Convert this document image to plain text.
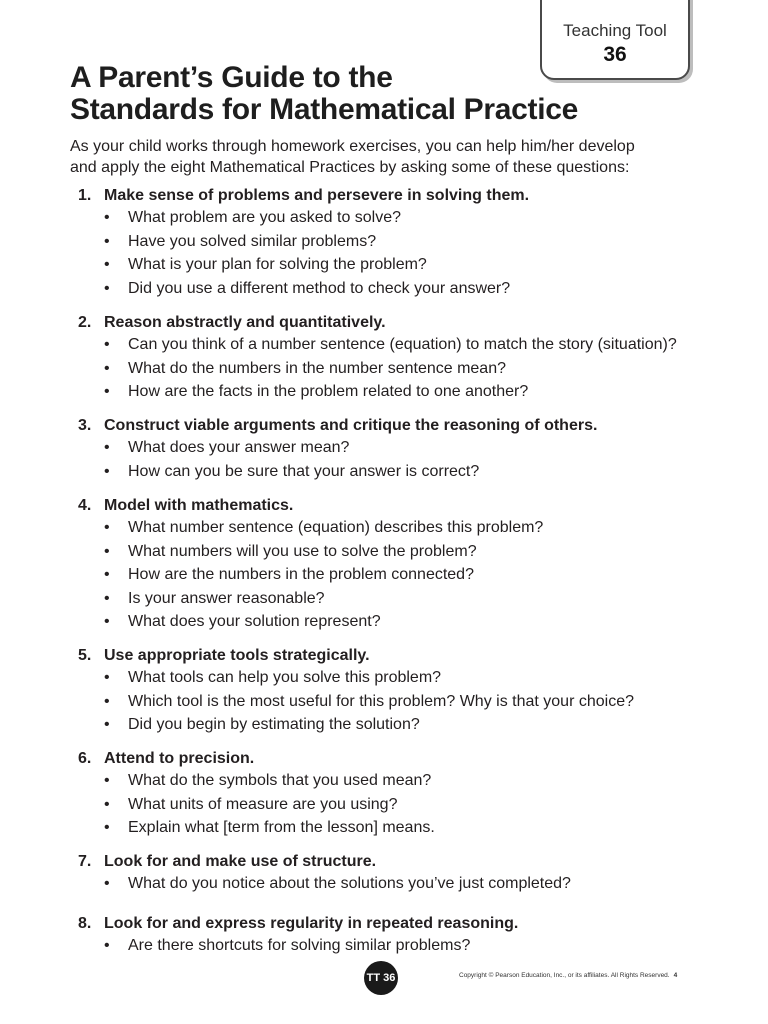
Teaching Tool
36
A Parent’s Guide to the
Standards for Mathematical Practice

As your child works through homework exercises, you can help him/her develop
and apply the eight Mathematical Practices by asking some of these questions:

1. Make sense of problems and persevere in solving them.
• What problem are you asked to solve?
• Have you solved similar problems?
• What is your plan for solving the problem?
• Did you use a different method to check your answer?
2. Reason abstractly and quantitatively.
• Can you think of a number sentence (equation) to match the story (situation)?
• What do the numbers in the number sentence mean?
• How are the facts in the problem related to one another?
3. Construct viable arguments and critique the reasoning of others.
• What does your answer mean?
• How can you be sure that your answer is correct?
4. Model with mathematics.
• What number sentence (equation) describes this problem?
• What numbers will you use to solve the problem?
• How are the numbers in the problem connected?
• Is your answer reasonable?
• What does your solution represent?
5. Use appropriate tools strategically.
• What tools can help you solve this problem?
• Which tool is the most useful for this problem? Why is that your choice?
• Did you begin by estimating the solution?
6. Attend to precision.
• What do the symbols that you used mean?
• What units of measure are you using?
• Explain what [term from the lesson] means.
7. Look for and make use of structure.
• What do you notice about the solutions you’ve just completed?
8. Look for and express regularity in repeated reasoning.
• Are there shortcuts for solving similar problems?
TT 36	Copyright © Pearson Education, Inc., or its affiliates. All Rights Reserved. 4
